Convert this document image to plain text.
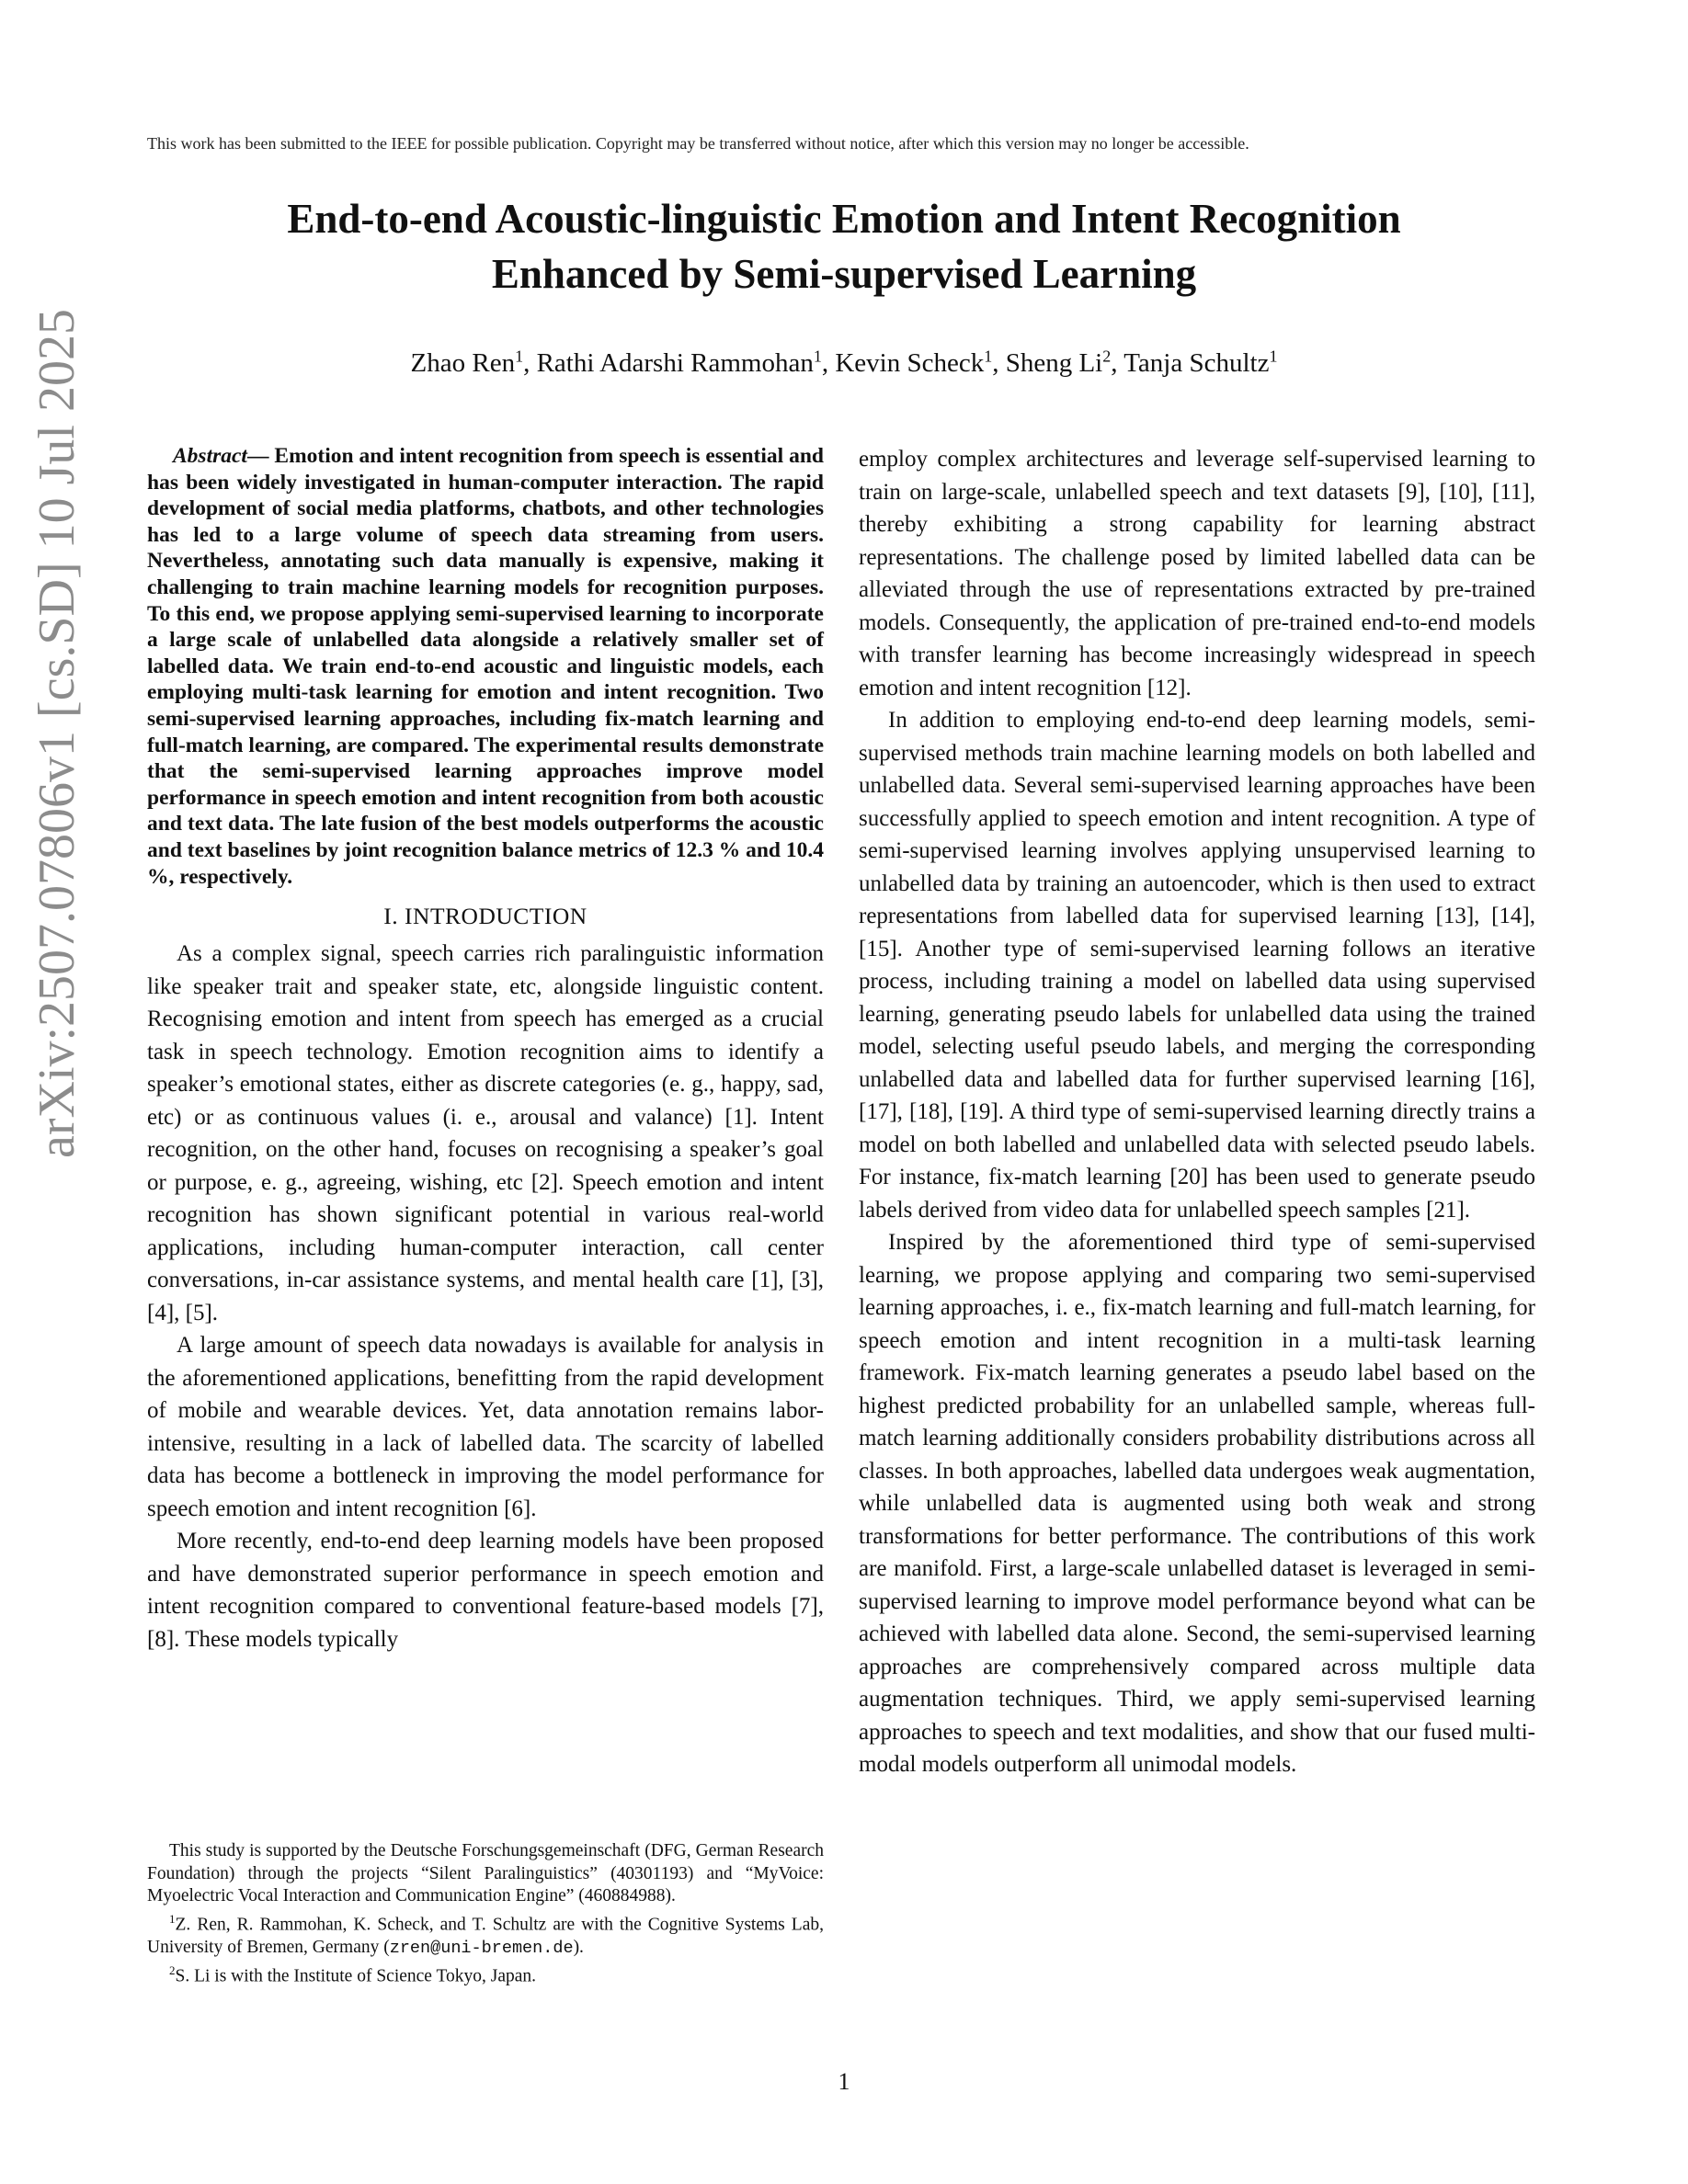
This work has been submitted to the IEEE for possible publication. Copyright may be transferred without notice, after which this version may no longer be accessible.
End-to-end Acoustic-linguistic Emotion and Intent Recognition
Enhanced by Semi-supervised Learning
Zhao Ren$^1$, Rathi Adarshi Rammohan$^1$, Kevin Scheck$^1$, Sheng Li$^2$, Tanja Schultz$^1$
arXiv:2507.07806v1 [cs.SD] 10 Jul 2025	Abstract— Emotion and intent recognition from speech is essential and has been widely investigated in human-computer interaction. The rapid development of social media platforms, chatbots, and other technologies has led to a large volume of speech data streaming from users. Nevertheless, annotating such data manually is expensive, making it challenging to train machine learning models for recognition purposes. To this end, we propose applying semi-supervised learning to incorporate a large scale of unlabelled data alongside a relatively smaller set of labelled data. We train end-to-end acoustic and linguistic models, each employing multi-task learning for emotion and intent recognition. Two semi-supervised learning approaches, including fix-match learning and full-match learning, are compared. The experimental results demonstrate that the semi-supervised learning approaches improve model performance in speech emotion and intent recognition from both acoustic and text data. The late fusion of the best models outperforms the acoustic and text baselines by joint recognition balance metrics of 12.3 % and 10.4 %, respectively.

I. INTRODUCTION

As a complex signal, speech carries rich paralinguistic information like speaker trait and speaker state, etc, alongside linguistic content. Recognising emotion and intent from speech has emerged as a crucial task in speech technology. Emotion recognition aims to identify a speaker’s emotional states, either as discrete categories (e. g., happy, sad, etc) or as continuous values (i. e., arousal and valance) [1]. Intent recognition, on the other hand, focuses on recognising a speaker’s goal or purpose, e. g., agreeing, wishing, etc [2]. Speech emotion and intent recognition has shown significant potential in various real-world applications, including human-computer interaction, call center conversations, in-car assistance systems, and mental health care [1], [3], [4], [5].

A large amount of speech data nowadays is available for analysis in the aforementioned applications, benefitting from the rapid development of mobile and wearable devices. Yet, data annotation remains labor-intensive, resulting in a lack of labelled data. The scarcity of labelled data has become a bottleneck in improving the model performance for speech emotion and intent recognition [6].

More recently, end-to-end deep learning models have been proposed and have demonstrated superior performance in speech emotion and intent recognition compared to conventional feature-based models [7], [8]. These models typically

This study is supported by the Deutsche Forschungsgemeinschaft (DFG, German Research Foundation) through the projects “Silent Paralinguistics” (40301193) and “MyVoice: Myoelectric Vocal Interaction and Communication Engine” (460884988).

$^1$Z. Ren, R. Rammohan, K. Scheck, and T. Schultz are with the Cognitive Systems Lab, University of Bremen, Germany (zren@uni-bremen.de).

$^2$S. Li is with the Institute of Science Tokyo, Japan.

employ complex architectures and leverage self-supervised learning to train on large-scale, unlabelled speech and text datasets [9], [10], [11], thereby exhibiting a strong capability for learning abstract representations. The challenge posed by limited labelled data can be alleviated through the use of representations extracted by pre-trained models. Consequently, the application of pre-trained end-to-end models with transfer learning has become increasingly widespread in speech emotion and intent recognition [12].

In addition to employing end-to-end deep learning models, semi-supervised methods train machine learning models on both labelled and unlabelled data. Several semi-supervised learning approaches have been successfully applied to speech emotion and intent recognition. A type of semi-supervised learning involves applying unsupervised learning to unlabelled data by training an autoencoder, which is then used to extract representations from labelled data for supervised learning [13], [14], [15]. Another type of semi-supervised learning follows an iterative process, including training a model on labelled data using supervised learning, generating pseudo labels for unlabelled data using the trained model, selecting useful pseudo labels, and merging the corresponding unlabelled data and labelled data for further supervised learning [16], [17], [18], [19]. A third type of semi-supervised learning directly trains a model on both labelled and unlabelled data with selected pseudo labels. For instance, fix-match learning [20] has been used to generate pseudo labels derived from video data for unlabelled speech samples [21].

Inspired by the aforementioned third type of semi-supervised learning, we propose applying and comparing two semi-supervised learning approaches, i. e., fix-match learning and full-match learning, for speech emotion and intent recognition in a multi-task learning framework. Fix-match learning generates a pseudo label based on the highest predicted probability for an unlabelled sample, whereas full-match learning additionally considers probability distributions across all classes. In both approaches, labelled data undergoes weak augmentation, while unlabelled data is augmented using both weak and strong transformations for better performance. The contributions of this work are manifold. First, a large-scale unlabelled dataset is leveraged in semi-supervised learning to improve model performance beyond what can be achieved with labelled data alone. Second, the semi-supervised learning approaches are comprehensively compared across multiple data augmentation techniques. Third, we apply semi-supervised learning approaches to speech and text modalities, and show that our fused multi-modal models outperform all unimodal models.

1
